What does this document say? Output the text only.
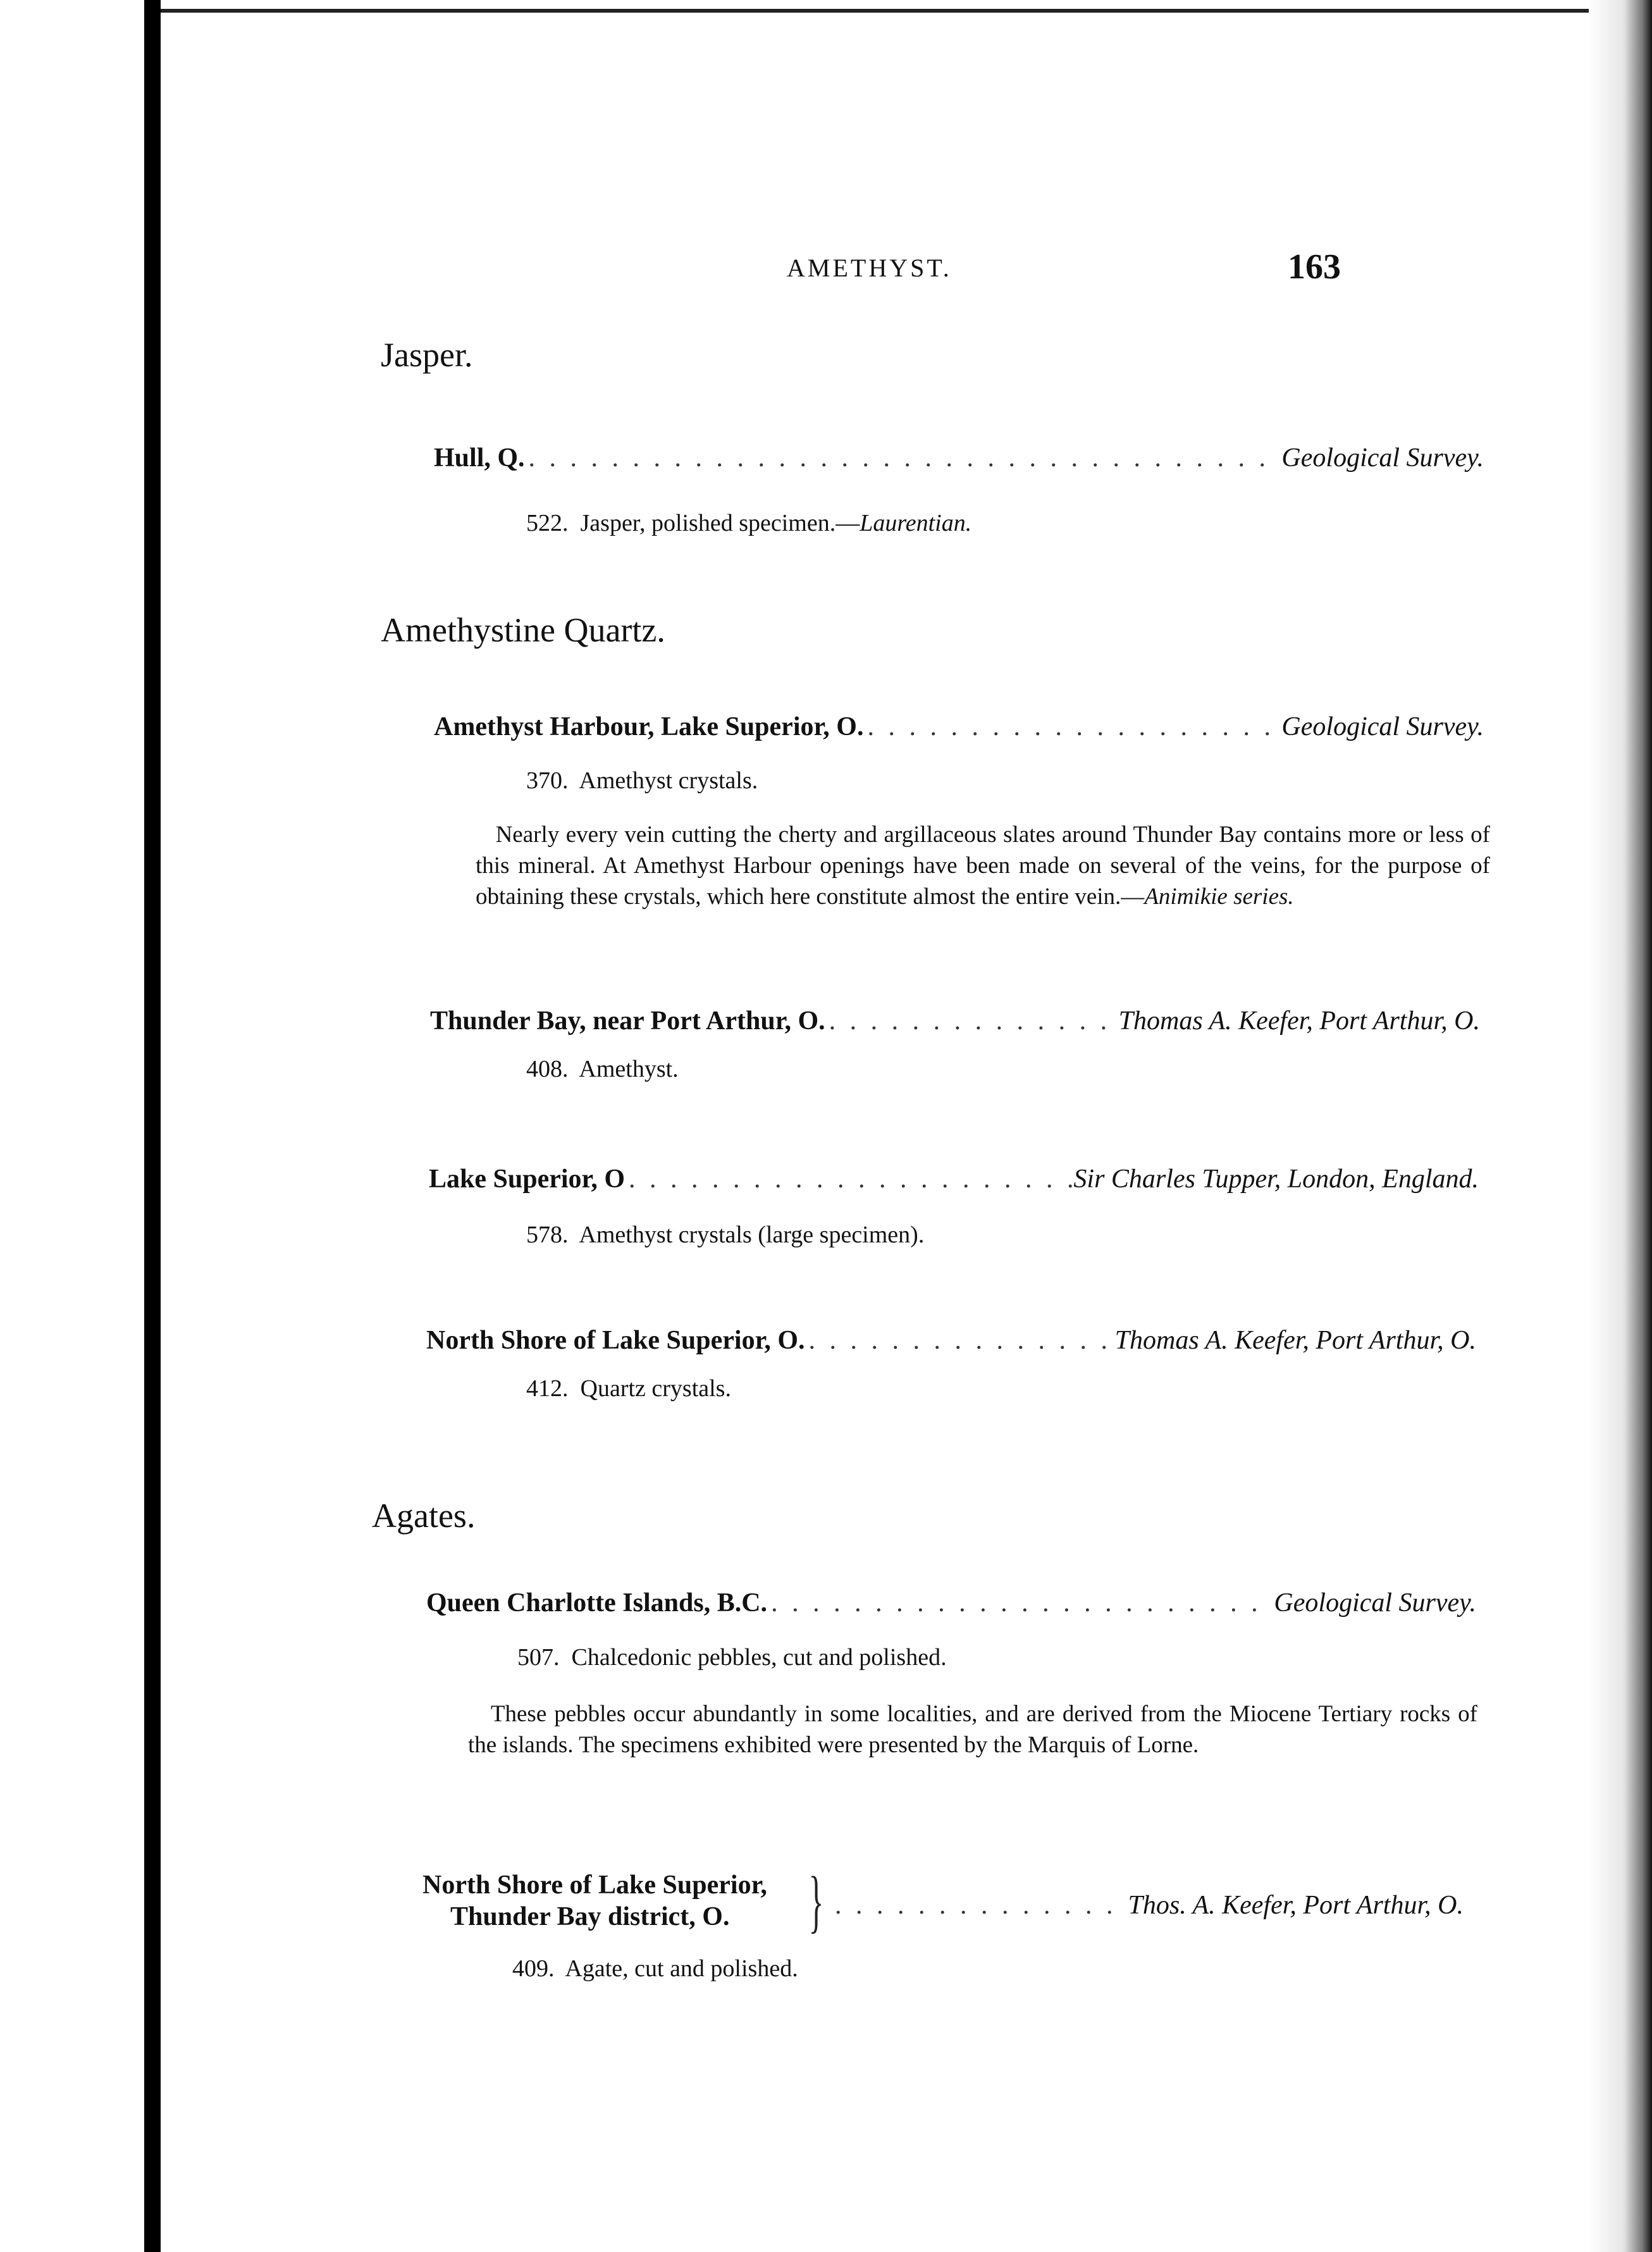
AMETHYST.	163
Jasper.
Hull, Q. . . .	Geological Survey.
522. Jasper, polished specimen.—Laurentian.
Amethystine Quartz.
Amethyst Harbour, Lake Superior, O. . . .	Geological Survey.
370. Amethyst crystals.
Nearly every vein cutting the cherty and argillaceous slates around Thunder Bay contains more or less of this mineral. At Amethyst Harbour openings have been made on several of the veins, for the purpose of obtaining these crystals, which here constitute almost the entire vein.—Animikie series.
Thunder Bay, near Port Arthur, O. . . .	Thomas A. Keefer, Port Arthur, O.
408. Amethyst.
Lake Superior, O . . .	Sir Charles Tupper, London, England.
578. Amethyst crystals (large specimen).
North Shore of Lake Superior, O. . . .	Thomas A. Keefer, Port Arthur, O.
412. Quartz crystals.
Agates.
Queen Charlotte Islands, B.C. . . .	Geological Survey.
507. Chalcedonic pebbles, cut and polished.
These pebbles occur abundantly in some localities, and are derived from the Miocene Tertiary rocks of the islands. The specimens exhibited were presented by the Marquis of Lorne.
North Shore of Lake Superior,
Thunder Bay district, O.	} . . .	Thos. A. Keefer, Port Arthur, O.
409. Agate, cut and polished.
